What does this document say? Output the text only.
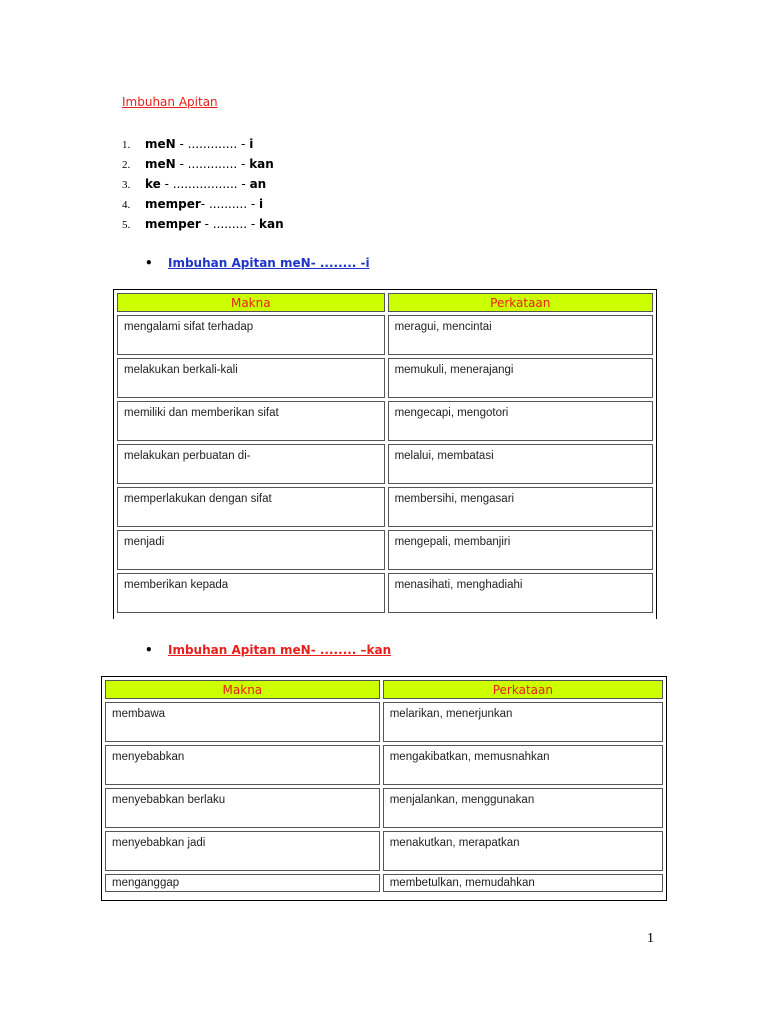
Imbuhan Apitan
1. meN - ............. - i
2. meN - ............. - kan
3. ke - ................. - an
4. memper- .......... - i
5. memper - ......... - kan
• Imbuhan Apitan meN- ........ -i
Makna	Perkataan
mengalami sifat terhadap	meragui, mencintai
melakukan berkali-kali	memukuli, menerajangi
memiliki dan memberikan sifat	mengecapi, mengotori
melakukan perbuatan di-	melalui, membatasi
memperlakukan dengan sifat	membersihi, mengasari
menjadi	mengepali, membanjiri
memberikan kepada	menasihati, menghadiahi
• Imbuhan Apitan meN- ........ –kan
Makna	Perkataan
membawa	melarikan, menerjunkan
menyebabkan	mengakibatkan, memusnahkan
menyebabkan berlaku	menjalankan, menggunakan
menyebabkan jadi	menakutkan, merapatkan
menganggap	membetulkan, memudahkan
1
